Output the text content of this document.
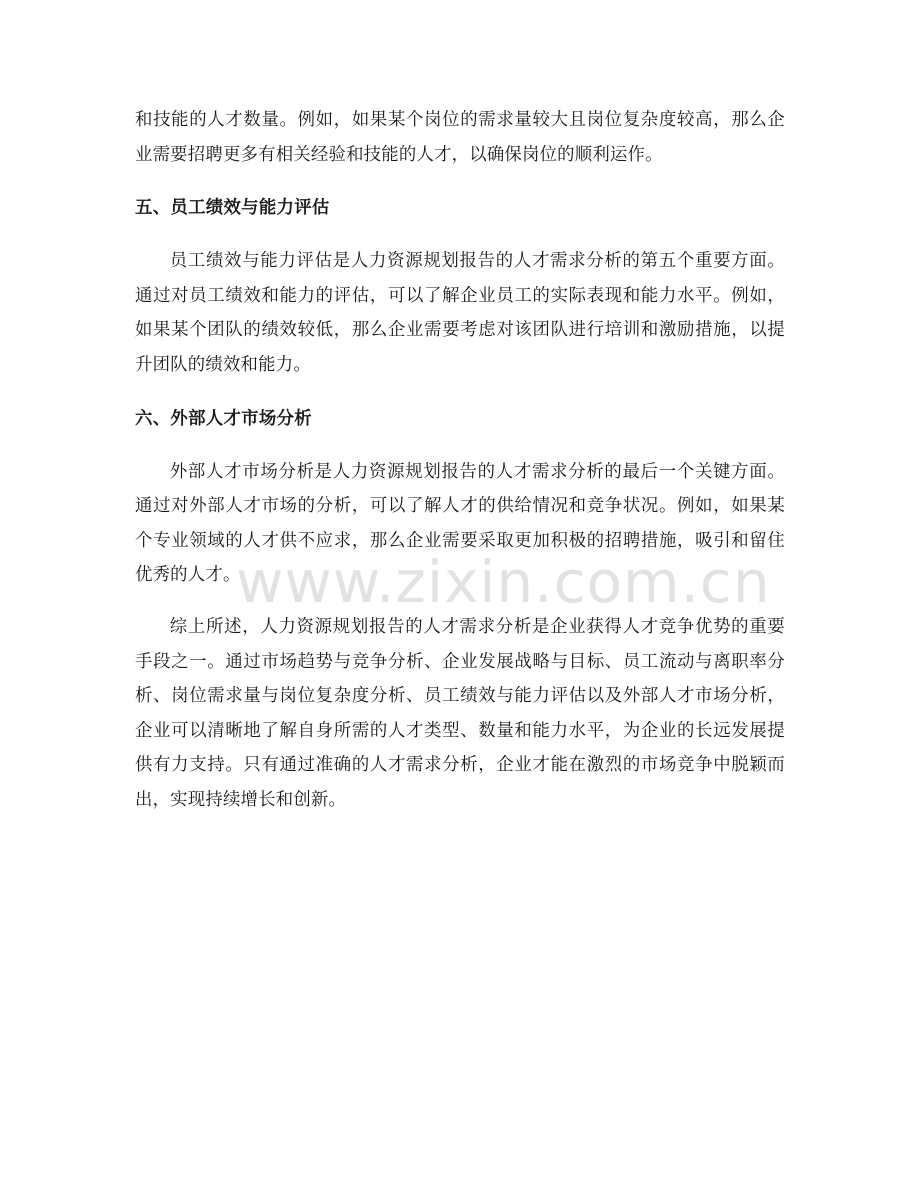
和技能的人才数量。例如，如果某个岗位的需求量较大且岗位复杂度较高，那么企业需要招聘更多有相关经验和技能的人才，以确保岗位的顺利运作。

五、员工绩效与能力评估

员工绩效与能力评估是人力资源规划报告的人才需求分析的第五个重要方面。通过对员工绩效和能力的评估，可以了解企业员工的实际表现和能力水平。例如，如果某个团队的绩效较低，那么企业需要考虑对该团队进行培训和激励措施，以提升团队的绩效和能力。

六、外部人才市场分析

外部人才市场分析是人力资源规划报告的人才需求分析的最后一个关键方面。通过对外部人才市场的分析，可以了解人才的供给情况和竞争状况。例如，如果某个专业领域的人才供不应求，那么企业需要采取更加积极的招聘措施，吸引和留住优秀的人才。

综上所述，人力资源规划报告的人才需求分析是企业获得人才竞争优势的重要手段之一。通过市场趋势与竞争分析、企业发展战略与目标、员工流动与离职率分析、岗位需求量与岗位复杂度分析、员工绩效与能力评估以及外部人才市场分析，企业可以清晰地了解自身所需的人才类型、数量和能力水平，为企业的长远发展提供有力支持。只有通过准确的人才需求分析，企业才能在激烈的市场竞争中脱颖而出，实现持续增长和创新。

www.zixin.com.cn
